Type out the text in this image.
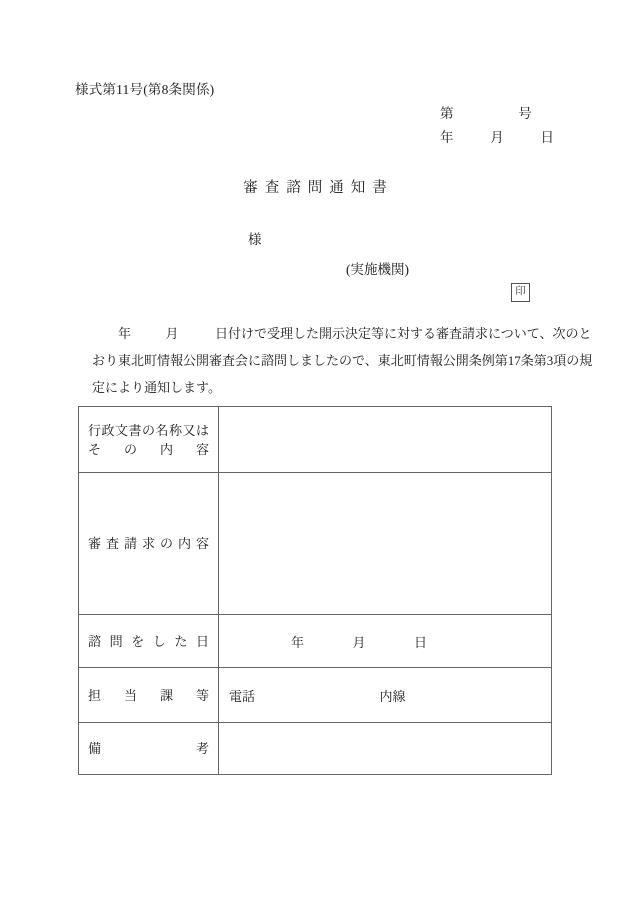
様式第11号(第8条関係)
第	号
年	月	日
審査諮問通知書
様
(実施機関)
印
年	月	日付けで受理した開示決定等に対する審査請求について、次のと
おり東北町情報公開審査会に諮問しましたので、東北町情報公開条例第17条第3項の規
定により通知します。
行政文書の名称又は
その内容	

審査請求の内容	

諮問をした日	年 月 日

担当課等	電話 内線

備考	
